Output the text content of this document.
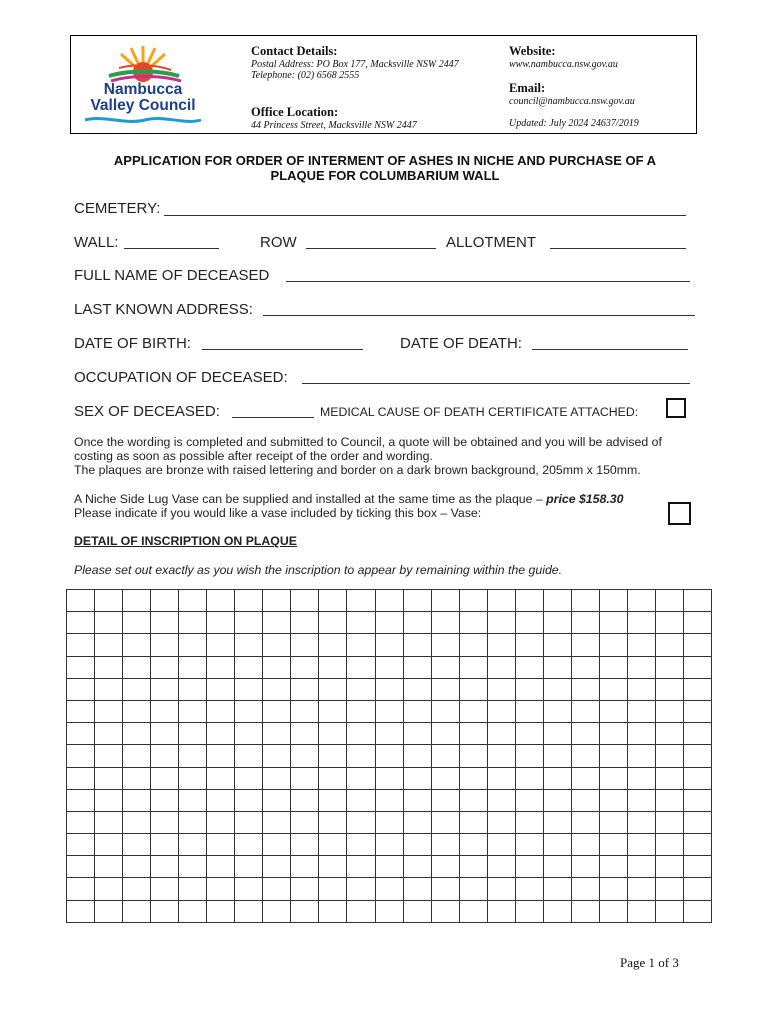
Nambucca
Valley Council
Contact Details:
Postal Address: PO Box 177, Macksville NSW 2447
Telephone: (02) 6568 2555
Office Location:
44 Princess Street, Macksville NSW 2447
Website:
www.nambucca.nsw.gov.au
Email:
council@nambucca.nsw.gov.au
Updated: July 2024 24637/2019
APPLICATION FOR ORDER OF INTERMENT OF ASHES IN NICHE AND PURCHASE OF A
PLAQUE FOR COLUMBARIUM WALL
CEMETERY:
WALL:	ROW	ALLOTMENT
FULL NAME OF DECEASED
LAST KNOWN ADDRESS:
DATE OF BIRTH:	DATE OF DEATH:
OCCUPATION OF DECEASED:
SEX OF DECEASED:	MEDICAL CAUSE OF DEATH CERTIFICATE ATTACHED:
Once the wording is completed and submitted to Council, a quote will be obtained and you will be advised of
costing as soon as possible after receipt of the order and wording.
The plaques are bronze with raised lettering and border on a dark brown background, 205mm x 150mm.
A Niche Side Lug Vase can be supplied and installed at the same time as the plaque – price $158.30
Please indicate if you would like a vase included by ticking this box – Vase:
DETAIL OF INSCRIPTION ON PLAQUE
Please set out exactly as you wish the inscription to appear by remaining within the guide.

Page 1 of 3
